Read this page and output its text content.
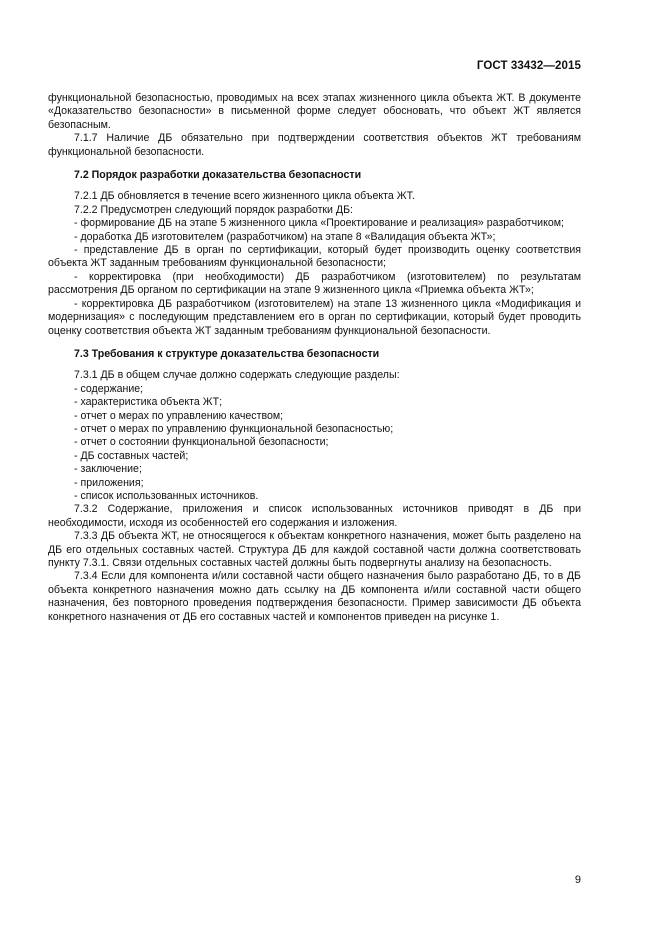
ГОСТ 33432—2015

функциональной безопасностью, проводимых на всех этапах жизненного цикла объекта ЖТ. В документе «Доказательство безопасности» в письменной форме следует обосновать, что объект ЖТ является безопасным.

7.1.7 Наличие ДБ обязательно при подтверждении соответствия объектов ЖТ требованиям функциональной безопасности.

7.2 Порядок разработки доказательства безопасности

7.2.1 ДБ обновляется в течение всего жизненного цикла объекта ЖТ.

7.2.2 Предусмотрен следующий порядок разработки ДБ:

- формирование ДБ на этапе 5 жизненного цикла «Проектирование и реализация» разработчиком;

- доработка ДБ изготовителем (разработчиком) на этапе 8 «Валидация объекта ЖТ»;

- представление ДБ в орган по сертификации, который будет производить оценку соответствия объекта ЖТ заданным требованиям функциональной безопасности;

- корректировка (при необходимости) ДБ разработчиком (изготовителем) по результатам рассмотрения ДБ органом по сертификации на этапе 9 жизненного цикла «Приемка объекта ЖТ»;

- корректировка ДБ разработчиком (изготовителем) на этапе 13 жизненного цикла «Модификация и модернизация» с последующим представлением его в орган по сертификации, который будет проводить оценку соответствия объекта ЖТ заданным требованиям функциональной безопасности.

7.3 Требования к структуре доказательства безопасности

7.3.1 ДБ в общем случае должно содержать следующие разделы:

- содержание;

- характеристика объекта ЖТ;

- отчет о мерах по управлению качеством;

- отчет о мерах по управлению функциональной безопасностью;

- отчет о состоянии функциональной безопасности;

- ДБ составных частей;

- заключение;

- приложения;

- список использованных источников.

7.3.2 Содержание, приложения и список использованных источников приводят в ДБ при необходимости, исходя из особенностей его содержания и изложения.

7.3.3 ДБ объекта ЖТ, не относящегося к объектам конкретного назначения, может быть разделено на ДБ его отдельных составных частей. Структура ДБ для каждой составной части должна соответствовать пункту 7.3.1. Связи отдельных составных частей должны быть подвергнуты анализу на безопасность.

7.3.4 Если для компонента и/или составной части общего назначения было разработано ДБ, то в ДБ объекта конкретного назначения можно дать ссылку на ДБ компонента и/или составной части общего назначения, без повторного проведения подтверждения безопасности. Пример зависимости ДБ объекта конкретного назначения от ДБ его составных частей и компонентов приведен на рисунке 1.

9
